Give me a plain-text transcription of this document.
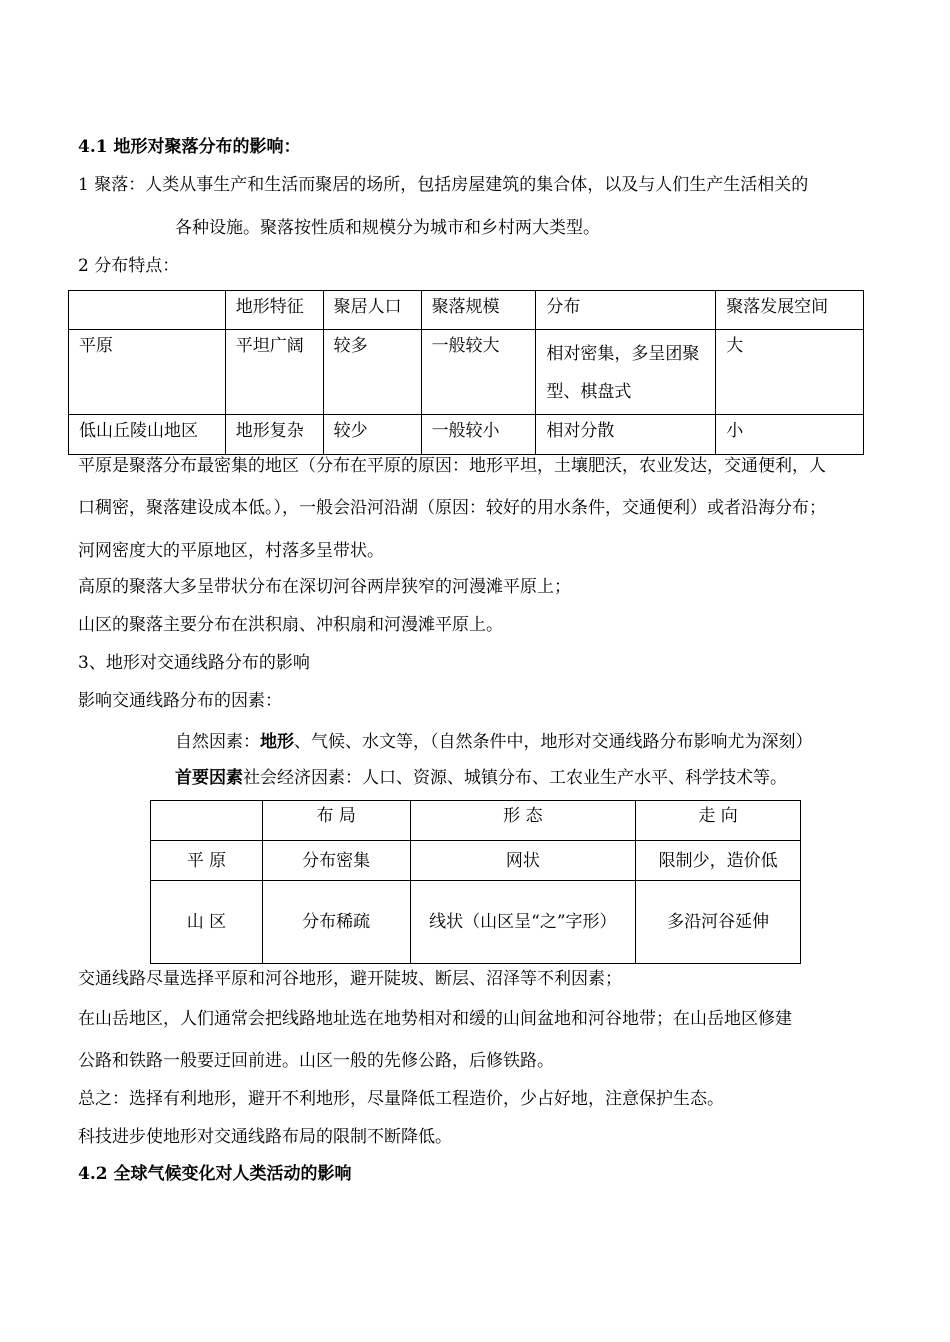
4.1 地形对聚落分布的影响：
1 聚落：人类从事生产和生活而聚居的场所，包括房屋建筑的集合体，以及与人们生产生活相关的
各种设施。聚落按性质和规模分为城市和乡村两大类型。
2 分布特点：
	地形特征	聚居人口	聚落规模	分布	聚落发展空间
平原	平坦广阔	较多	一般较大	相对密集，多呈团聚型、棋盘式	大
低山丘陵山地区	地形复杂	较少	一般较小	相对分散	小
平原是聚落分布最密集的地区（分布在平原的原因：地形平坦，土壤肥沃，农业发达，交通便利，人
口稠密，聚落建设成本低。），一般会沿河沿湖（原因：较好的用水条件，交通便利）或者沿海分布；
河网密度大的平原地区，村落多呈带状。
高原的聚落大多呈带状分布在深切河谷两岸狭窄的河漫滩平原上；
山区的聚落主要分布在洪积扇、冲积扇和河漫滩平原上。
3、地形对交通线路分布的影响
影响交通线路分布的因素：
自然因素：地形、气候、水文等，（自然条件中，地形对交通线路分布影响尤为深刻）
首要因素社会经济因素：人口、资源、城镇分布、工农业生产水平、科学技术等。
	布 局	形 态	走 向
平 原	分布密集	网状	限制少，造价低
山 区	分布稀疏	线状（山区呈“之”字形）	多沿河谷延伸
交通线路尽量选择平原和河谷地形，避开陡坡、断层、沼泽等不利因素；
在山岳地区，人们通常会把线路地址选在地势相对和缓的山间盆地和河谷地带；在山岳地区修建
公路和铁路一般要迂回前进。山区一般的先修公路，后修铁路。
总之：选择有利地形，避开不利地形，尽量降低工程造价，少占好地，注意保护生态。
科技进步使地形对交通线路布局的限制不断降低。
4.2 全球气候变化对人类活动的影响
